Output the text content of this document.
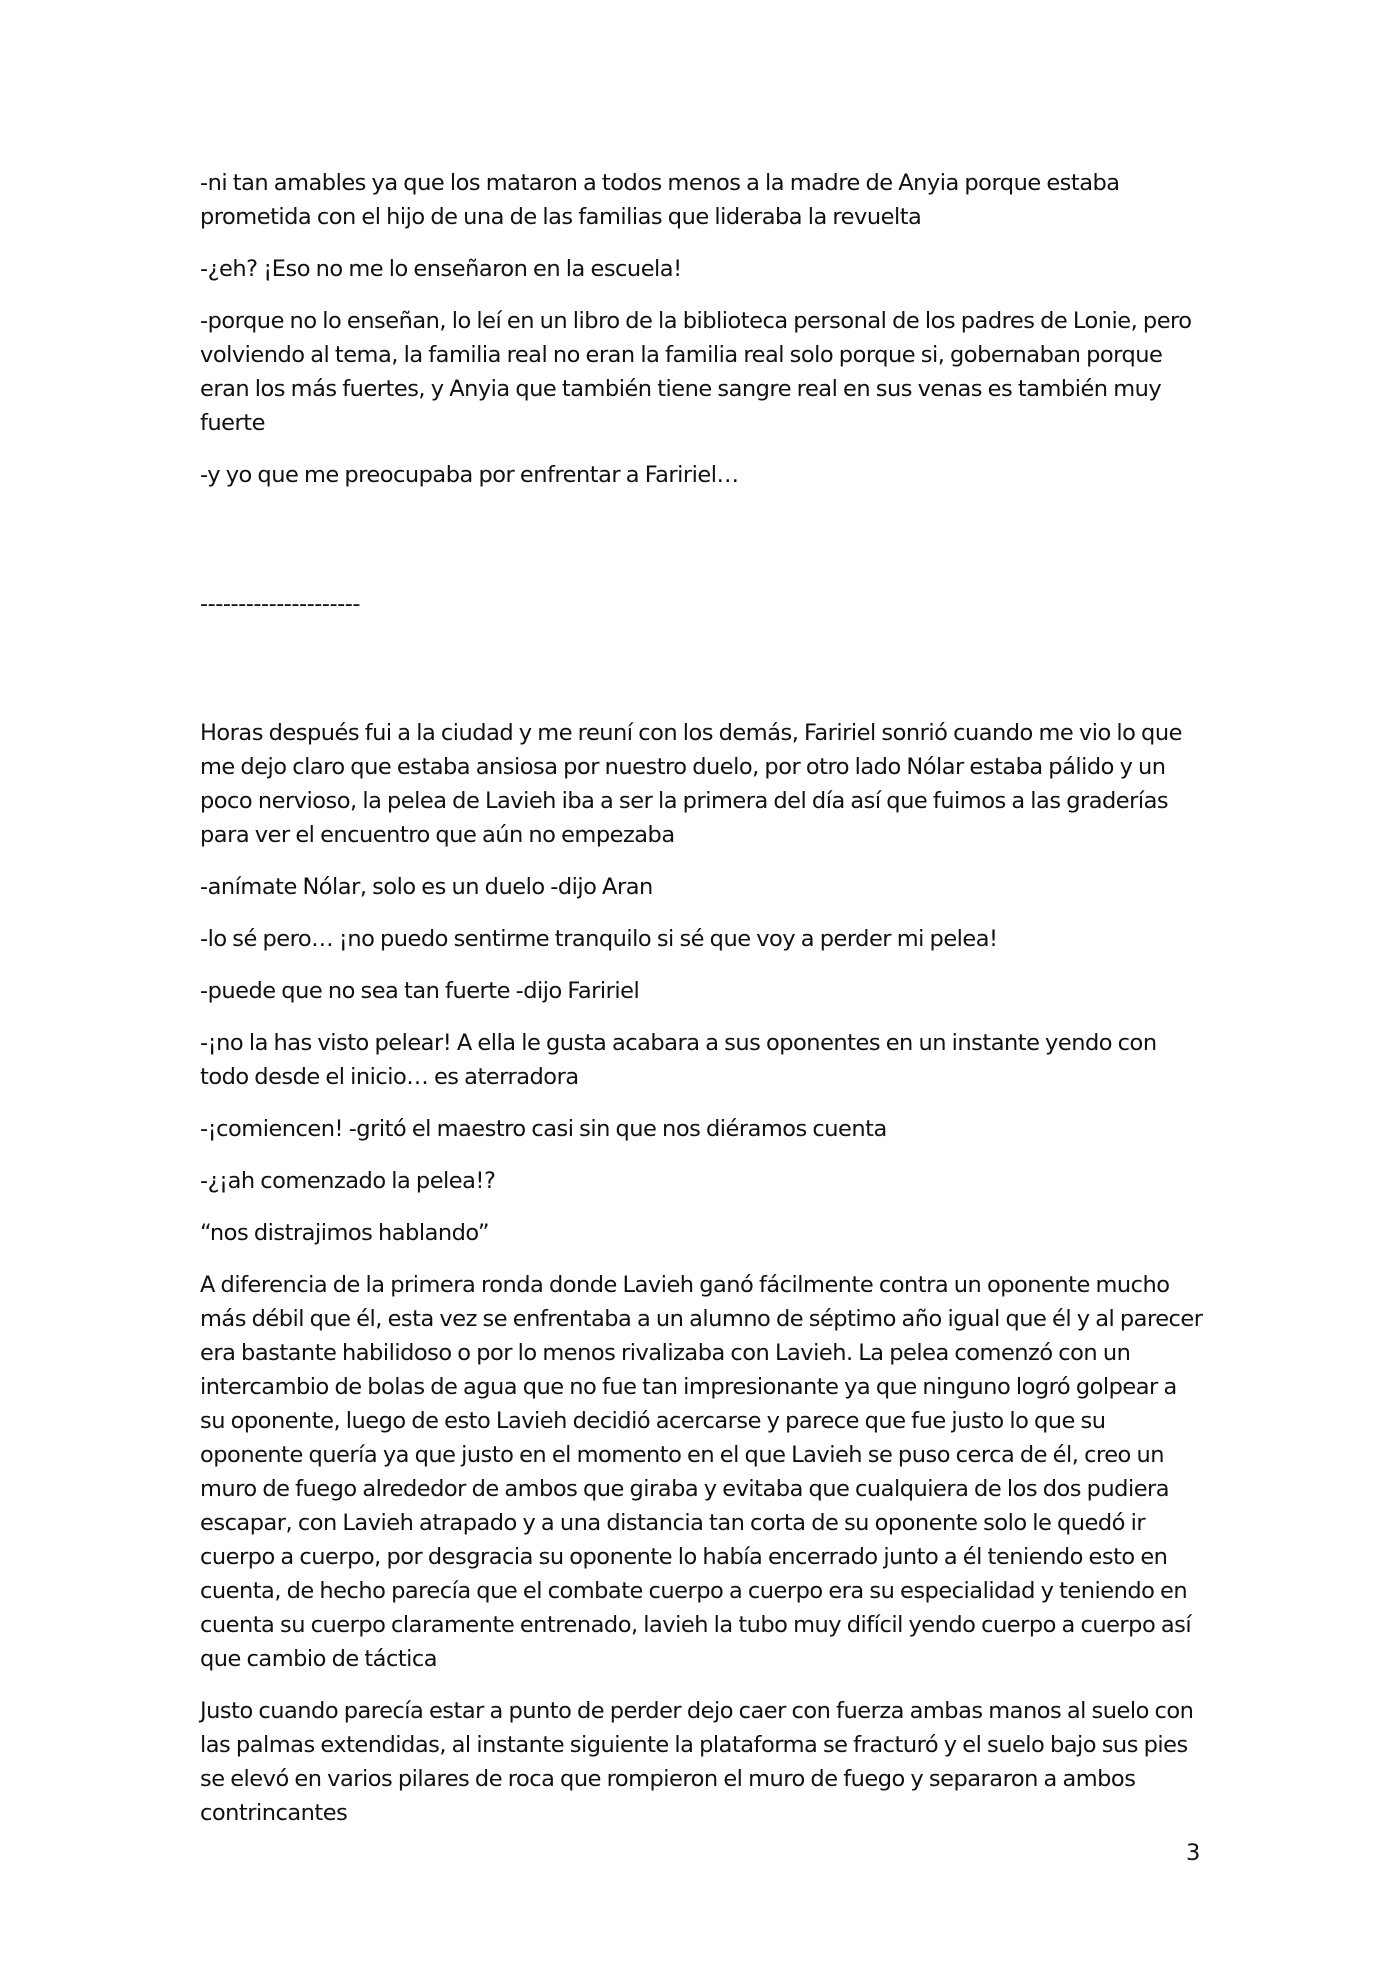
-ni tan amables ya que los mataron a todos menos a la madre de Anyia porque estaba prometida con el hijo de una de las familias que lideraba la revuelta

-¿eh? ¡Eso no me lo enseñaron en la escuela!

-porque no lo enseñan, lo leí en un libro de la biblioteca personal de los padres de Lonie, pero volviendo al tema, la familia real no eran la familia real solo porque si, gobernaban porque eran los más fuertes, y Anyia que también tiene sangre real en sus venas es también muy fuerte

-y yo que me preocupaba por enfrentar a Faririel…

---------------------

Horas después fui a la ciudad y me reuní con los demás, Faririel sonrió cuando me vio lo que me dejo claro que estaba ansiosa por nuestro duelo, por otro lado Nólar estaba pálido y un poco nervioso, la pelea de Lavieh iba a ser la primera del día así que fuimos a las graderías para ver el encuentro que aún no empezaba

-anímate Nólar, solo es un duelo -dijo Aran

-lo sé pero… ¡no puedo sentirme tranquilo si sé que voy a perder mi pelea!

-puede que no sea tan fuerte -dijo Faririel

-¡no la has visto pelear! A ella le gusta acabara a sus oponentes en un instante yendo con todo desde el inicio… es aterradora

-¡comiencen! -gritó el maestro casi sin que nos diéramos cuenta

-¿¡ah comenzado la pelea!?

“nos distrajimos hablando”

A diferencia de la primera ronda donde Lavieh ganó fácilmente contra un oponente mucho más débil que él, esta vez se enfrentaba a un alumno de séptimo año igual que él y al parecer era bastante habilidoso o por lo menos rivalizaba con Lavieh. La pelea comenzó con un intercambio de bolas de agua que no fue tan impresionante ya que ninguno logró golpear a su oponente, luego de esto Lavieh decidió acercarse y parece que fue justo lo que su oponente quería ya que justo en el momento en el que Lavieh se puso cerca de él, creo un muro de fuego alrededor de ambos que giraba y evitaba que cualquiera de los dos pudiera escapar, con Lavieh atrapado y a una distancia tan corta de su oponente solo le quedó ir cuerpo a cuerpo, por desgracia su oponente lo había encerrado junto a él teniendo esto en cuenta, de hecho parecía que el combate cuerpo a cuerpo era su especialidad y teniendo en cuenta su cuerpo claramente entrenado, lavieh la tubo muy difícil yendo cuerpo a cuerpo así que cambio de táctica

Justo cuando parecía estar a punto de perder dejo caer con fuerza ambas manos al suelo con las palmas extendidas, al instante siguiente la plataforma se fracturó y el suelo bajo sus pies se elevó en varios pilares de roca que rompieron el muro de fuego y separaron a ambos contrincantes

3
